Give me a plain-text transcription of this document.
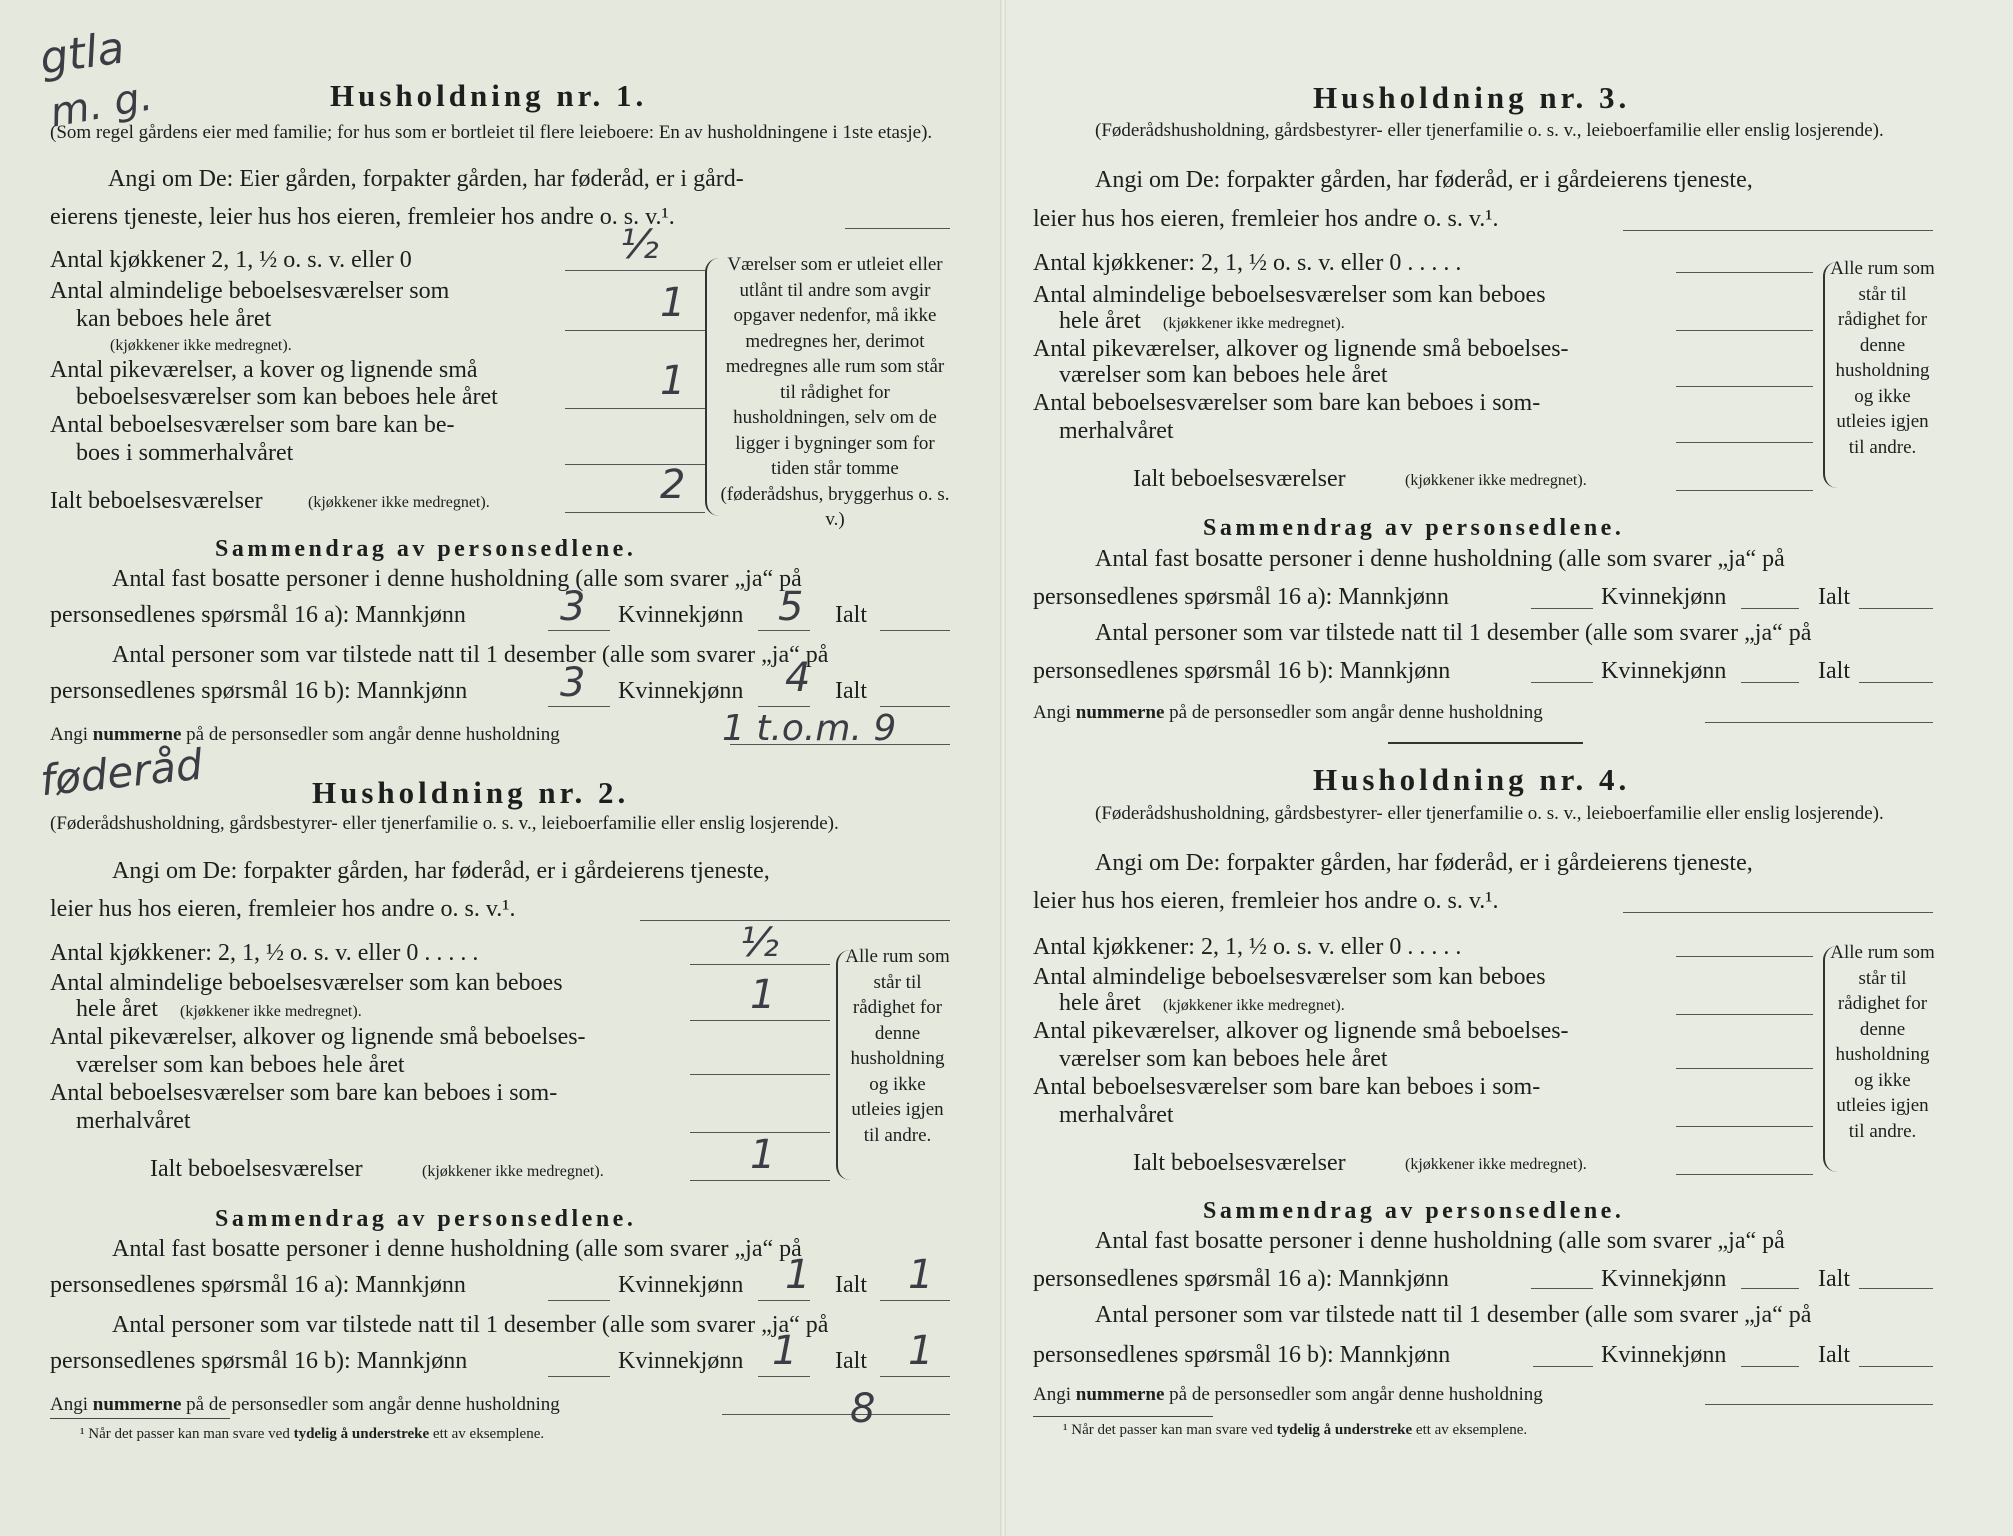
gtla
m. g.	Husholdning nr. 1.
(Som regel gårdens eier med familie; for hus som er bortleiet til flere leieboere: En av husholdningene i 1ste etasje).
Angi om De: Eier gården, forpakter gården, har føderåd, er i gård-
eierens tjeneste, leier hus hos eieren, fremleier hos andre o. s. v.¹.
Antal kjøkkener 2, 1, ½ o. s. v. eller 0	½
Antal almindelige beboelsesværelser som
kan beboes hele året
(kjøkkener ikke medregnet).
1
Antal pikeværelser, a kover og lignende små
beboelsesværelser som kan beboes hele året	1
Antal beboelsesværelser som bare kan be-
boes i sommerhalvåret
Ialt beboelsesværelser	(kjøkkener ikke medregnet).	2
Værelser som er utleiet eller utlånt til andre som avgir opgaver nedenfor, må ikke medregnes her, derimot medregnes alle rum som står til rådighet for husholdningen, selv om de ligger i bygninger som for tiden står tomme (føderådshus, bryggerhus o. s. v.)
Sammendrag av personsedlene.
Antal fast bosatte personer i denne husholdning (alle som svarer „ja“ på
personsedlenes spørsmål 16 a): Mannkjønn 3 Kvinnekjønn 5 Ialt
Antal personer som var tilstede natt til 1 desember (alle som svarer „ja“ på
personsedlenes spørsmål 16 b): Mannkjønn 3 Kvinnekjønn 4 Ialt
Angi nummerne på de personsedler som angår denne husholdning	1 t.o.m. 9
føderåd	Husholdning nr. 2.
(Føderådshusholdning, gårdsbestyrer- eller tjenerfamilie o. s. v., leieboerfamilie eller enslig losjerende).
Angi om De: forpakter gården, har føderåd, er i gårdeierens tjeneste,
leier hus hos eieren, fremleier hos andre o. s. v.¹.
Antal kjøkkener: 2, 1, ½ o. s. v. eller 0 . . . . .	½
Antal almindelige beboelsesværelser som kan beboes
hele året (kjøkkener ikke medregnet).	1
Antal pikeværelser, alkover og lignende små beboelses-
værelser som kan beboes hele året
Antal beboelsesværelser som bare kan beboes i som-
merhalvåret
Ialt beboelsesværelser	(kjøkkener ikke medregnet).	1
Alle rum som står til rådighet for denne husholdning og ikke utleies igjen til andre.
Sammendrag av personsedlene.
Antal fast bosatte personer i denne husholdning (alle som svarer „ja“ på
personsedlenes spørsmål 16 a): Mannkjønn	Kvinnekjønn 1 Ialt 1
Antal personer som var tilstede natt til 1 desember (alle som svarer „ja“ på
personsedlenes spørsmål 16 b): Mannkjønn	Kvinnekjønn 1 Ialt 1
Angi nummerne på de personsedler som angår denne husholdning	8
¹ Når det passer kan man svare ved tydelig å understreke ett av eksemplene.
Husholdning nr. 3.
(Føderådshusholdning, gårdsbestyrer- eller tjenerfamilie o. s. v., leieboerfamilie eller enslig losjerende).
Angi om De: forpakter gården, har føderåd, er i gårdeierens tjeneste,
leier hus hos eieren, fremleier hos andre o. s. v.¹.
Antal kjøkkener: 2, 1, ½ o. s. v. eller 0 . . . . .
Antal almindelige beboelsesværelser som kan beboes
hele året (kjøkkener ikke medregnet).
Antal pikeværelser, alkover og lignende små beboelses-
værelser som kan beboes hele året
Antal beboelsesværelser som bare kan beboes i som-
merhalvåret
Ialt beboelsesværelser	(kjøkkener ikke medregnet).
Alle rum som står til rådighet for denne husholdning og ikke utleies igjen til andre.
Sammendrag av personsedlene.
Antal fast bosatte personer i denne husholdning (alle som svarer „ja“ på
personsedlenes spørsmål 16 a): Mannkjønn	Kvinnekjønn	Ialt
Antal personer som var tilstede natt til 1 desember (alle som svarer „ja“ på
personsedlenes spørsmål 16 b): Mannkjønn	Kvinnekjønn	Ialt
Angi nummerne på de personsedler som angår denne husholdning
Husholdning nr. 4.
(Føderådshusholdning, gårdsbestyrer- eller tjenerfamilie o. s. v., leieboerfamilie eller enslig losjerende).
Angi om De: forpakter gården, har føderåd, er i gårdeierens tjeneste,
leier hus hos eieren, fremleier hos andre o. s. v.¹.
Antal kjøkkener: 2, 1, ½ o. s. v. eller 0 . . . . .
Antal almindelige beboelsesværelser som kan beboes
hele året (kjøkkener ikke medregnet).
Antal pikeværelser, alkover og lignende små beboelses-
værelser som kan beboes hele året
Antal beboelsesværelser som bare kan beboes i som-
merhalvåret
Ialt beboelsesværelser	(kjøkkener ikke medregnet).
Alle rum som står til rådighet for denne husholdning og ikke utleies igjen til andre.
Sammendrag av personsedlene.
Antal fast bosatte personer i denne husholdning (alle som svarer „ja“ på
personsedlenes spørsmål 16 a): Mannkjønn	Kvinnekjønn	Ialt
Antal personer som var tilstede natt til 1 desember (alle som svarer „ja“ på
personsedlenes spørsmål 16 b): Mannkjønn	Kvinnekjønn	Ialt
Angi nummerne på de personsedler som angår denne husholdning
¹ Når det passer kan man svare ved tydelig å understreke ett av eksemplene.
